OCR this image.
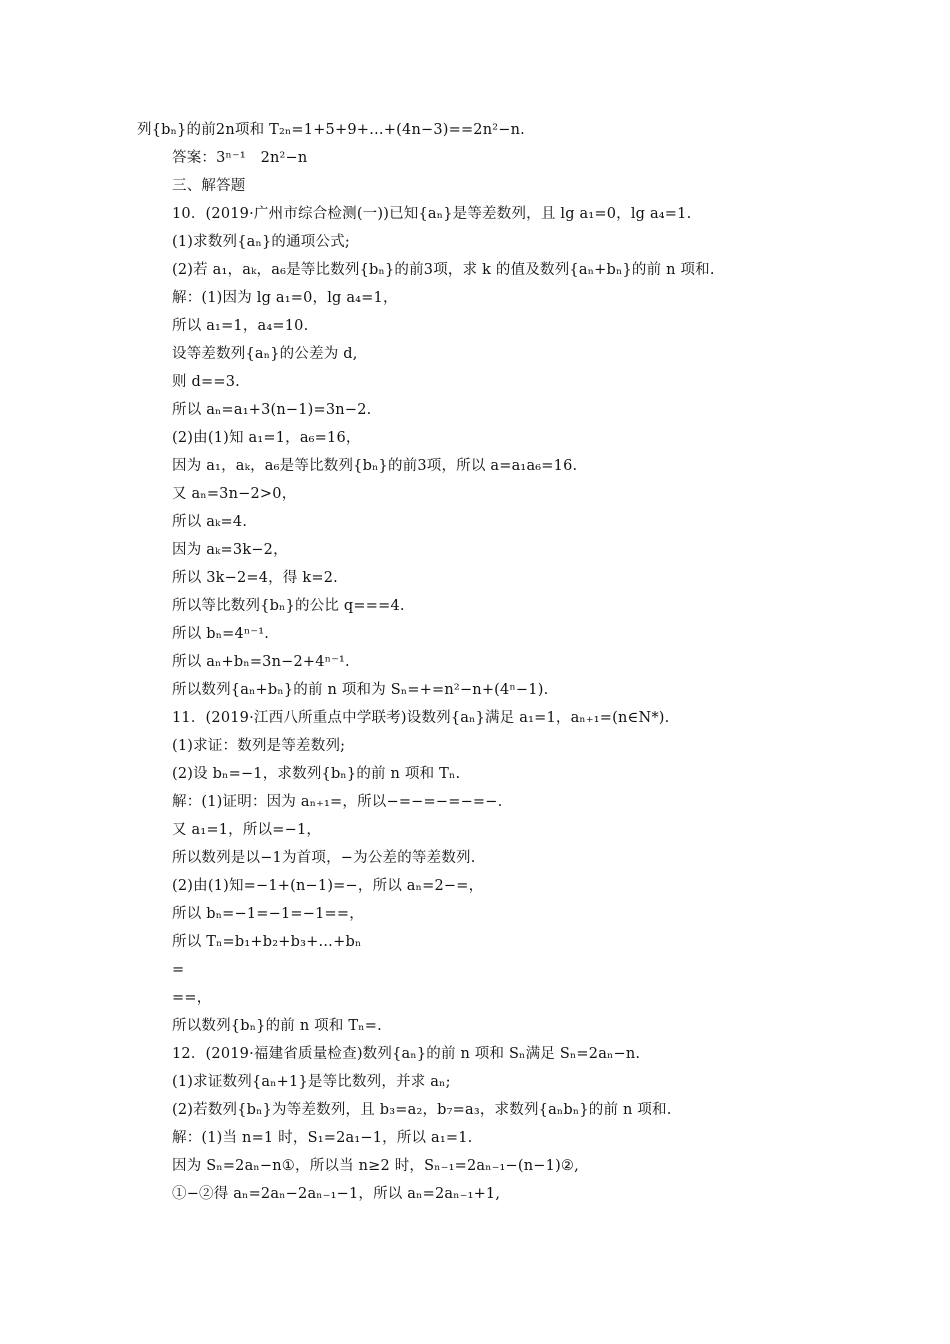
列{bₙ}的前2n项和 T₂ₙ=1+5+9+…+(4n−3)==2n²−n.
答案：3ⁿ⁻¹　2n²−n
三、解答题
10．(2019·广州市综合检测(一))已知{aₙ}是等差数列，且 lg a₁=0，lg a₄=1.
(1)求数列{aₙ}的通项公式;
(2)若 a₁，aₖ，a₆是等比数列{bₙ}的前3项，求 k 的值及数列{aₙ+bₙ}的前 n 项和.
解：(1)因为 lg a₁=0，lg a₄=1，
所以 a₁=1，a₄=10.
设等差数列{aₙ}的公差为 d,
则 d==3.
所以 aₙ=a₁+3(n−1)=3n−2.
(2)由(1)知 a₁=1，a₆=16，
因为 a₁，aₖ，a₆是等比数列{bₙ}的前3项，所以 a=a₁a₆=16.
又 aₙ=3n−2>0，
所以 aₖ=4.
因为 aₖ=3k−2，
所以 3k−2=4，得 k=2.
所以等比数列{bₙ}的公比 q===4.
所以 bₙ=4ⁿ⁻¹.
所以 aₙ+bₙ=3n−2+4ⁿ⁻¹.
所以数列{aₙ+bₙ}的前 n 项和为 Sₙ=+=n²−n+(4ⁿ−1).
11．(2019·江西八所重点中学联考)设数列{aₙ}满足 a₁=1，aₙ₊₁=(n∈N*).
(1)求证：数列是等差数列;
(2)设 bₙ=−1，求数列{bₙ}的前 n 项和 Tₙ.
解：(1)证明：因为 aₙ₊₁=，所以−=−=−=−=−.
又 a₁=1，所以=−1，
所以数列是以−1为首项，−为公差的等差数列.
(2)由(1)知=−1+(n−1)=−，所以 aₙ=2−=，
所以 bₙ=−1=−1=−1==，
所以 Tₙ=b₁+b₂+b₃+…+bₙ
=
==，
所以数列{bₙ}的前 n 项和 Tₙ=.
12．(2019·福建省质量检查)数列{aₙ}的前 n 项和 Sₙ满足 Sₙ=2aₙ−n.
(1)求证数列{aₙ+1}是等比数列，并求 aₙ;
(2)若数列{bₙ}为等差数列，且 b₃=a₂，b₇=a₃，求数列{aₙbₙ}的前 n 项和.
解：(1)当 n=1 时，S₁=2a₁−1，所以 a₁=1.
因为 Sₙ=2aₙ−n①，所以当 n≥2 时，Sₙ₋₁=2aₙ₋₁−(n−1)②,
①−②得 aₙ=2aₙ−2aₙ₋₁−1，所以 aₙ=2aₙ₋₁+1,
